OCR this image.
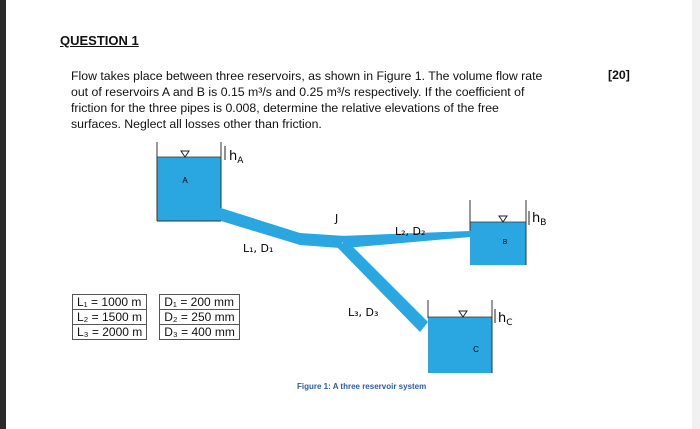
QUESTION 1
[20]
Flow takes place between three reservoirs, as shown in Figure 1. The volume flow rate
out of reservoirs A and B is 0.15 m³/s and 0.25 m³/s respectively. If the coefficient of
friction for the three pipes is 0.008, determine the relative elevations of the free
surfaces. Neglect all losses other than friction.
$h_A$
A
J
L₁, D₁
L₂, D₂
L₃, D₃
$h_B$
B
$h_C$
C
L₁ = 1000 m		D₁ = 200 mm
L₂ = 1500 m		D₂ = 250 mm
L₃ = 2000 m		D₃ = 400 mm
Figure 1: A three reservoir system
